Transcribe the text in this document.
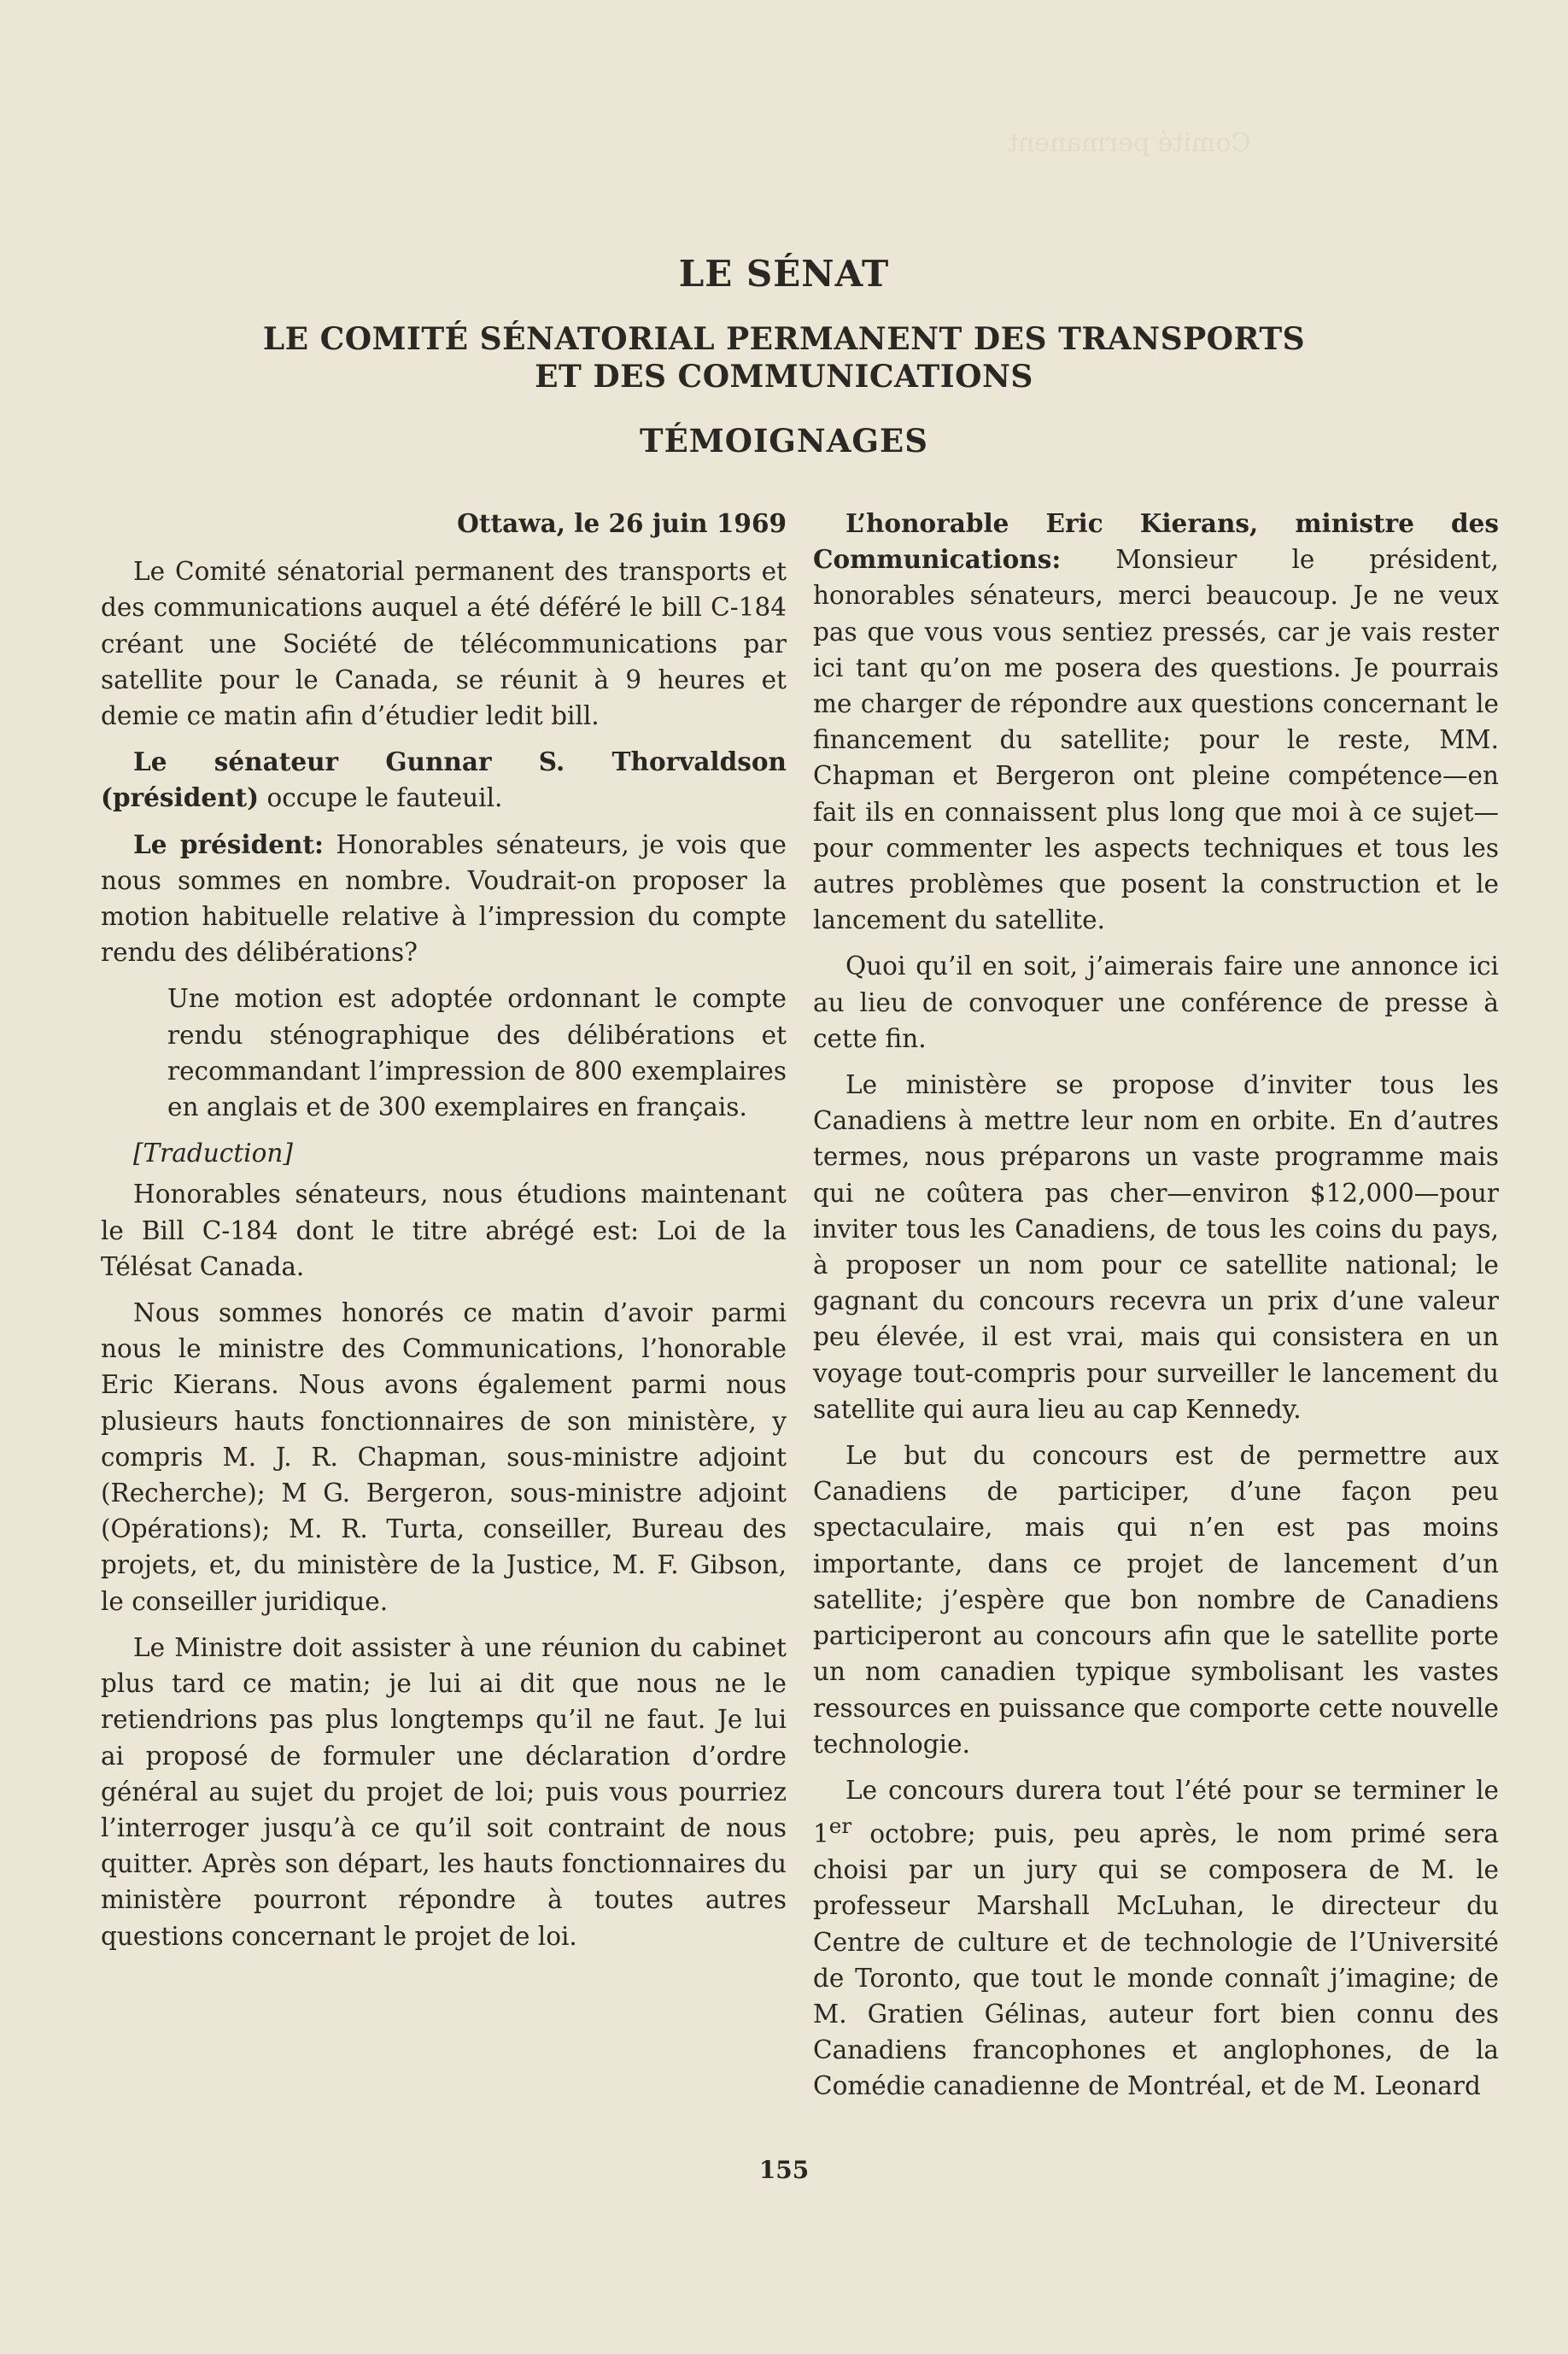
Comité permanent
LE SÉNAT
LE COMITÉ SÉNATORIAL PERMANENT DES TRANSPORTS
ET DES COMMUNICATIONS
TÉMOIGNAGES

Ottawa, le 26 juin 1969

Le Comité sénatorial permanent des transports et des communications auquel a été déféré le bill C-184 créant une Société de télécommunications par satellite pour le Canada, se réunit à 9 heures et demie ce matin afin d’étudier ledit bill.

Le sénateur Gunnar S. Thorvaldson (président) occupe le fauteuil.

Le président: Honorables sénateurs, je vois que nous sommes en nombre. Voudrait-on proposer la motion habituelle relative à l’impression du compte rendu des délibérations?

Une motion est adoptée ordonnant le compte rendu sténographique des délibérations et recommandant l’impression de 800 exemplaires en anglais et de 300 exemplaires en français.

[Traduction]

Honorables sénateurs, nous étudions maintenant le Bill C-184 dont le titre abrégé est: Loi de la Télésat Canada.

Nous sommes honorés ce matin d’avoir parmi nous le ministre des Communications, l’honorable Eric Kierans. Nous avons également parmi nous plusieurs hauts fonctionnaires de son ministère, y compris M. J. R. Chapman, sous-ministre adjoint (Recherche); M G. Bergeron, sous-ministre adjoint (Opérations); M. R. Turta, conseiller, Bureau des projets, et, du ministère de la Justice, M. F. Gibson, le conseiller juridique.

Le Ministre doit assister à une réunion du cabinet plus tard ce matin; je lui ai dit que nous ne le retiendrions pas plus longtemps qu’il ne faut. Je lui ai proposé de formuler une déclaration d’ordre général au sujet du projet de loi; puis vous pourriez l’interroger jusqu’à ce qu’il soit contraint de nous quitter. Après son départ, les hauts fonctionnaires du ministère pourront répondre à toutes autres questions concernant le projet de loi.

L’honorable Eric Kierans, ministre des Communications: Monsieur le président, honorables sénateurs, merci beaucoup. Je ne veux pas que vous vous sentiez pressés, car je vais rester ici tant qu’on me posera des questions. Je pourrais me charger de répondre aux questions concernant le financement du satellite; pour le reste, MM. Chapman et Bergeron ont pleine compétence—en fait ils en connaissent plus long que moi à ce sujet—pour commenter les aspects techniques et tous les autres problèmes que posent la construction et le lancement du satellite.

Quoi qu’il en soit, j’aimerais faire une annonce ici au lieu de convoquer une conférence de presse à cette fin.

Le ministère se propose d’inviter tous les Canadiens à mettre leur nom en orbite. En d’autres termes, nous préparons un vaste programme mais qui ne coûtera pas cher—environ $12,000—pour inviter tous les Canadiens, de tous les coins du pays, à proposer un nom pour ce satellite national; le gagnant du concours recevra un prix d’une valeur peu élevée, il est vrai, mais qui consistera en un voyage tout-compris pour surveiller le lancement du satellite qui aura lieu au cap Kennedy.

Le but du concours est de permettre aux Canadiens de participer, d’une façon peu spectaculaire, mais qui n’en est pas moins importante, dans ce projet de lancement d’un satellite; j’espère que bon nombre de Canadiens participeront au concours afin que le satellite porte un nom canadien typique symbolisant les vastes ressources en puissance que comporte cette nouvelle technologie.

Le concours durera tout l’été pour se terminer le 1er octobre; puis, peu après, le nom primé sera choisi par un jury qui se composera de M. le professeur Marshall McLuhan, le directeur du Centre de culture et de technologie de l’Université de Toronto, que tout le monde connaît j’imagine; de M. Gratien Gélinas, auteur fort bien connu des Canadiens francophones et anglophones, de la Comédie canadienne de Montréal, et de M. Leonard

155
